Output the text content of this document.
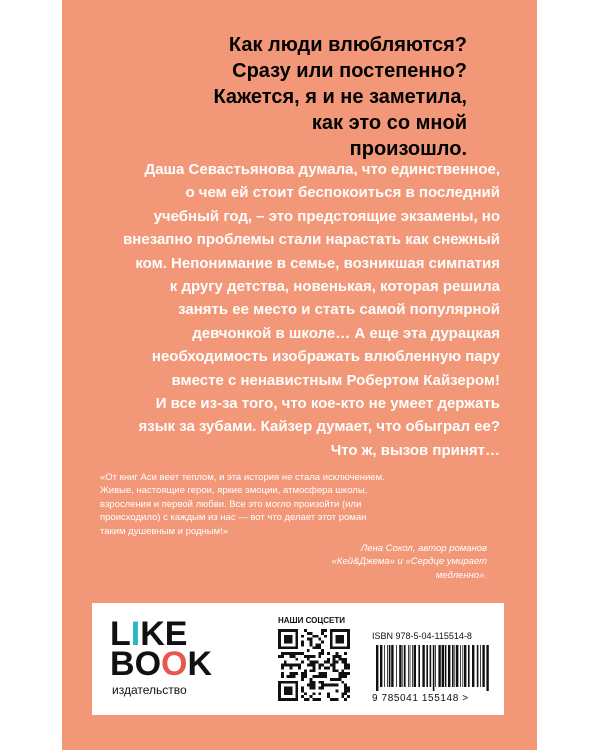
Как люди влюбляются?
Сразу или постепенно?
Кажется, я и не заметила,
как это со мной
произошло.
Даша Севастьянова думала, что единственное,
о чем ей стоит беспокоиться в последний
учебный год, – это предстоящие экзамены, но
внезапно проблемы стали нарастать как снежный
ком. Непонимание в семье, возникшая симпатия
к другу детства, новенькая, которая решила
занять ее место и стать самой популярной
девчонкой в школе… А еще эта дурацкая
необходимость изображать влюбленную пару
вместе с ненавистным Робертом Кайзером!
И все из-за того, что кое-кто не умеет держать
язык за зубами. Кайзер думает, что обыграл ее?
Что ж, вызов принят…
«От книг Аси веет теплом, и эта история не стала исключением.
Живые, настоящие герои, яркие эмоции, атмосфера школы,
взросления и первой любви. Все это могло произойти (или
происходило) с каждым из нас — вот что делает этот роман
таким душевным и родным!»
Лена Сокол, автор романов
«Кей&Джема» и «Сердце умирает
медленно».
LIKE
BOOK
издательство
НАШИ СОЦСЕТИ
ISBN 978-5-04-115514-8
9 785041 155148 >
